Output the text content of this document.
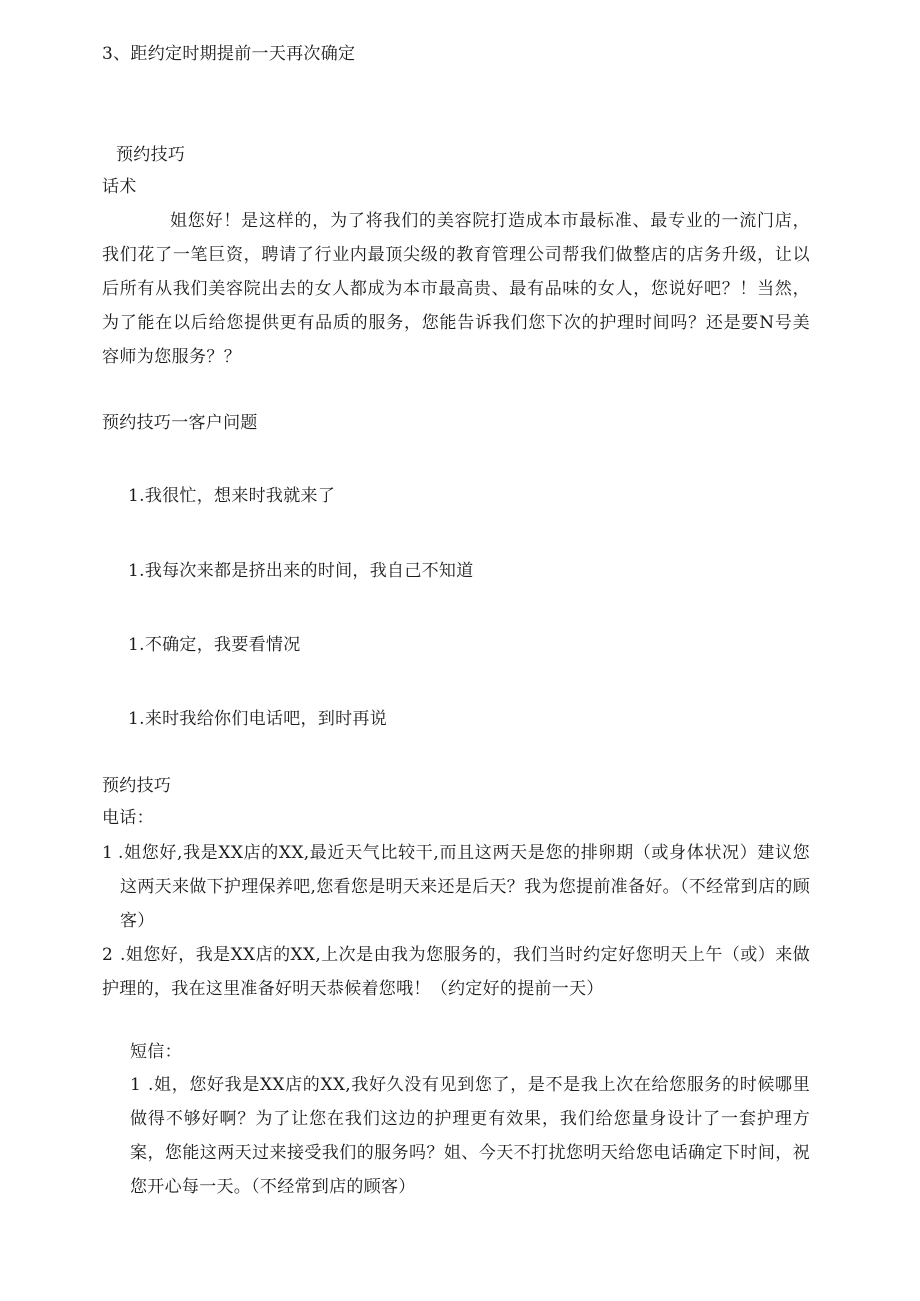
3、距约定时期提前一天再次确定
预约技巧
话术
姐您好！是这样的，为了将我们的美容院打造成本市最标准、最专业的一流门店，我们花了一笔巨资，聘请了行业内最顶尖级的教育管理公司帮我们做整店的店务升级，让以后所有从我们美容院出去的女人都成为本市最高贵、最有品味的女人，您说好吧？！当然，为了能在以后给您提供更有品质的服务，您能告诉我们您下次的护理时间吗？还是要N号美容师为您服务？？
预约技巧一客户问题
1.我很忙，想来时我就来了
1.我每次来都是挤出来的时间，我自己不知道
1.不确定，我要看情况
1.来时我给你们电话吧，到时再说
预约技巧
电话：
1 .姐您好,我是XX店的XX,最近天气比较干,而且这两天是您的排卵期（或身体状况）建议您这两天来做下护理保养吧,您看您是明天来还是后天？我为您提前准备好。（不经常到店的顾客）
2 .姐您好，我是XX店的XX,上次是由我为您服务的，我们当时约定好您明天上午（或）来做护理的，我在这里准备好明天恭候着您哦！（约定好的提前一天）
短信：
1 .姐，您好我是XX店的XX,我好久没有见到您了，是不是我上次在给您服务的时候哪里做得不够好啊？为了让您在我们这边的护理更有效果，我们给您量身设计了一套护理方案，您能这两天过来接受我们的服务吗？姐、今天不打扰您明天给您电话确定下时间，祝您开心每一天。（不经常到店的顾客）
